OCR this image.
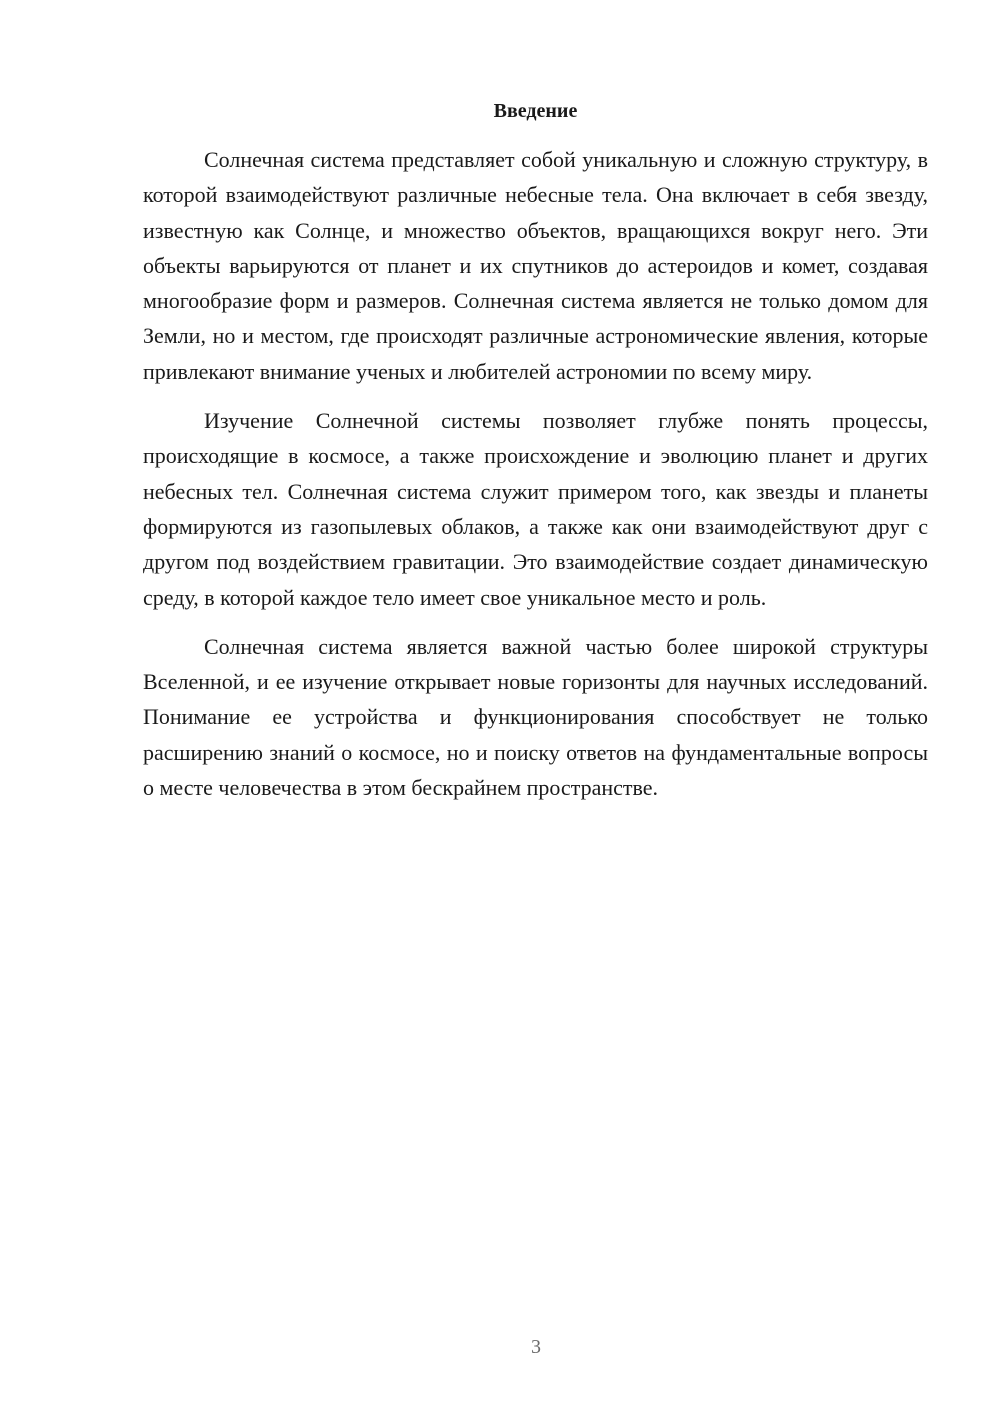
Введение

Солнечная система представляет собой уникальную и сложную структуру, в которой взаимодействуют различные небесные тела. Она включает в себя звезду, известную как Солнце, и множество объектов, вращающихся вокруг него. Эти объекты варьируются от планет и их спутников до астероидов и комет, создавая многообразие форм и размеров. Солнечная система является не только домом для Земли, но и местом, где происходят различные астрономические явления, которые привлекают внимание ученых и любителей астрономии по всему миру.

Изучение Солнечной системы позволяет глубже понять процессы, происходящие в космосе, а также происхождение и эволюцию планет и других небесных тел. Солнечная система служит примером того, как звезды и планеты формируются из газопылевых облаков, а также как они взаимодействуют друг с другом под воздействием гравитации. Это взаимодействие создает динамическую среду, в которой каждое тело имеет свое уникальное место и роль.

Солнечная система является важной частью более широкой структуры Вселенной, и ее изучение открывает новые горизонты для научных исследований. Понимание ее устройства и функционирования способствует не только расширению знаний о космосе, но и поиску ответов на фундаментальные вопросы о месте человечества в этом бескрайнем пространстве.

3
